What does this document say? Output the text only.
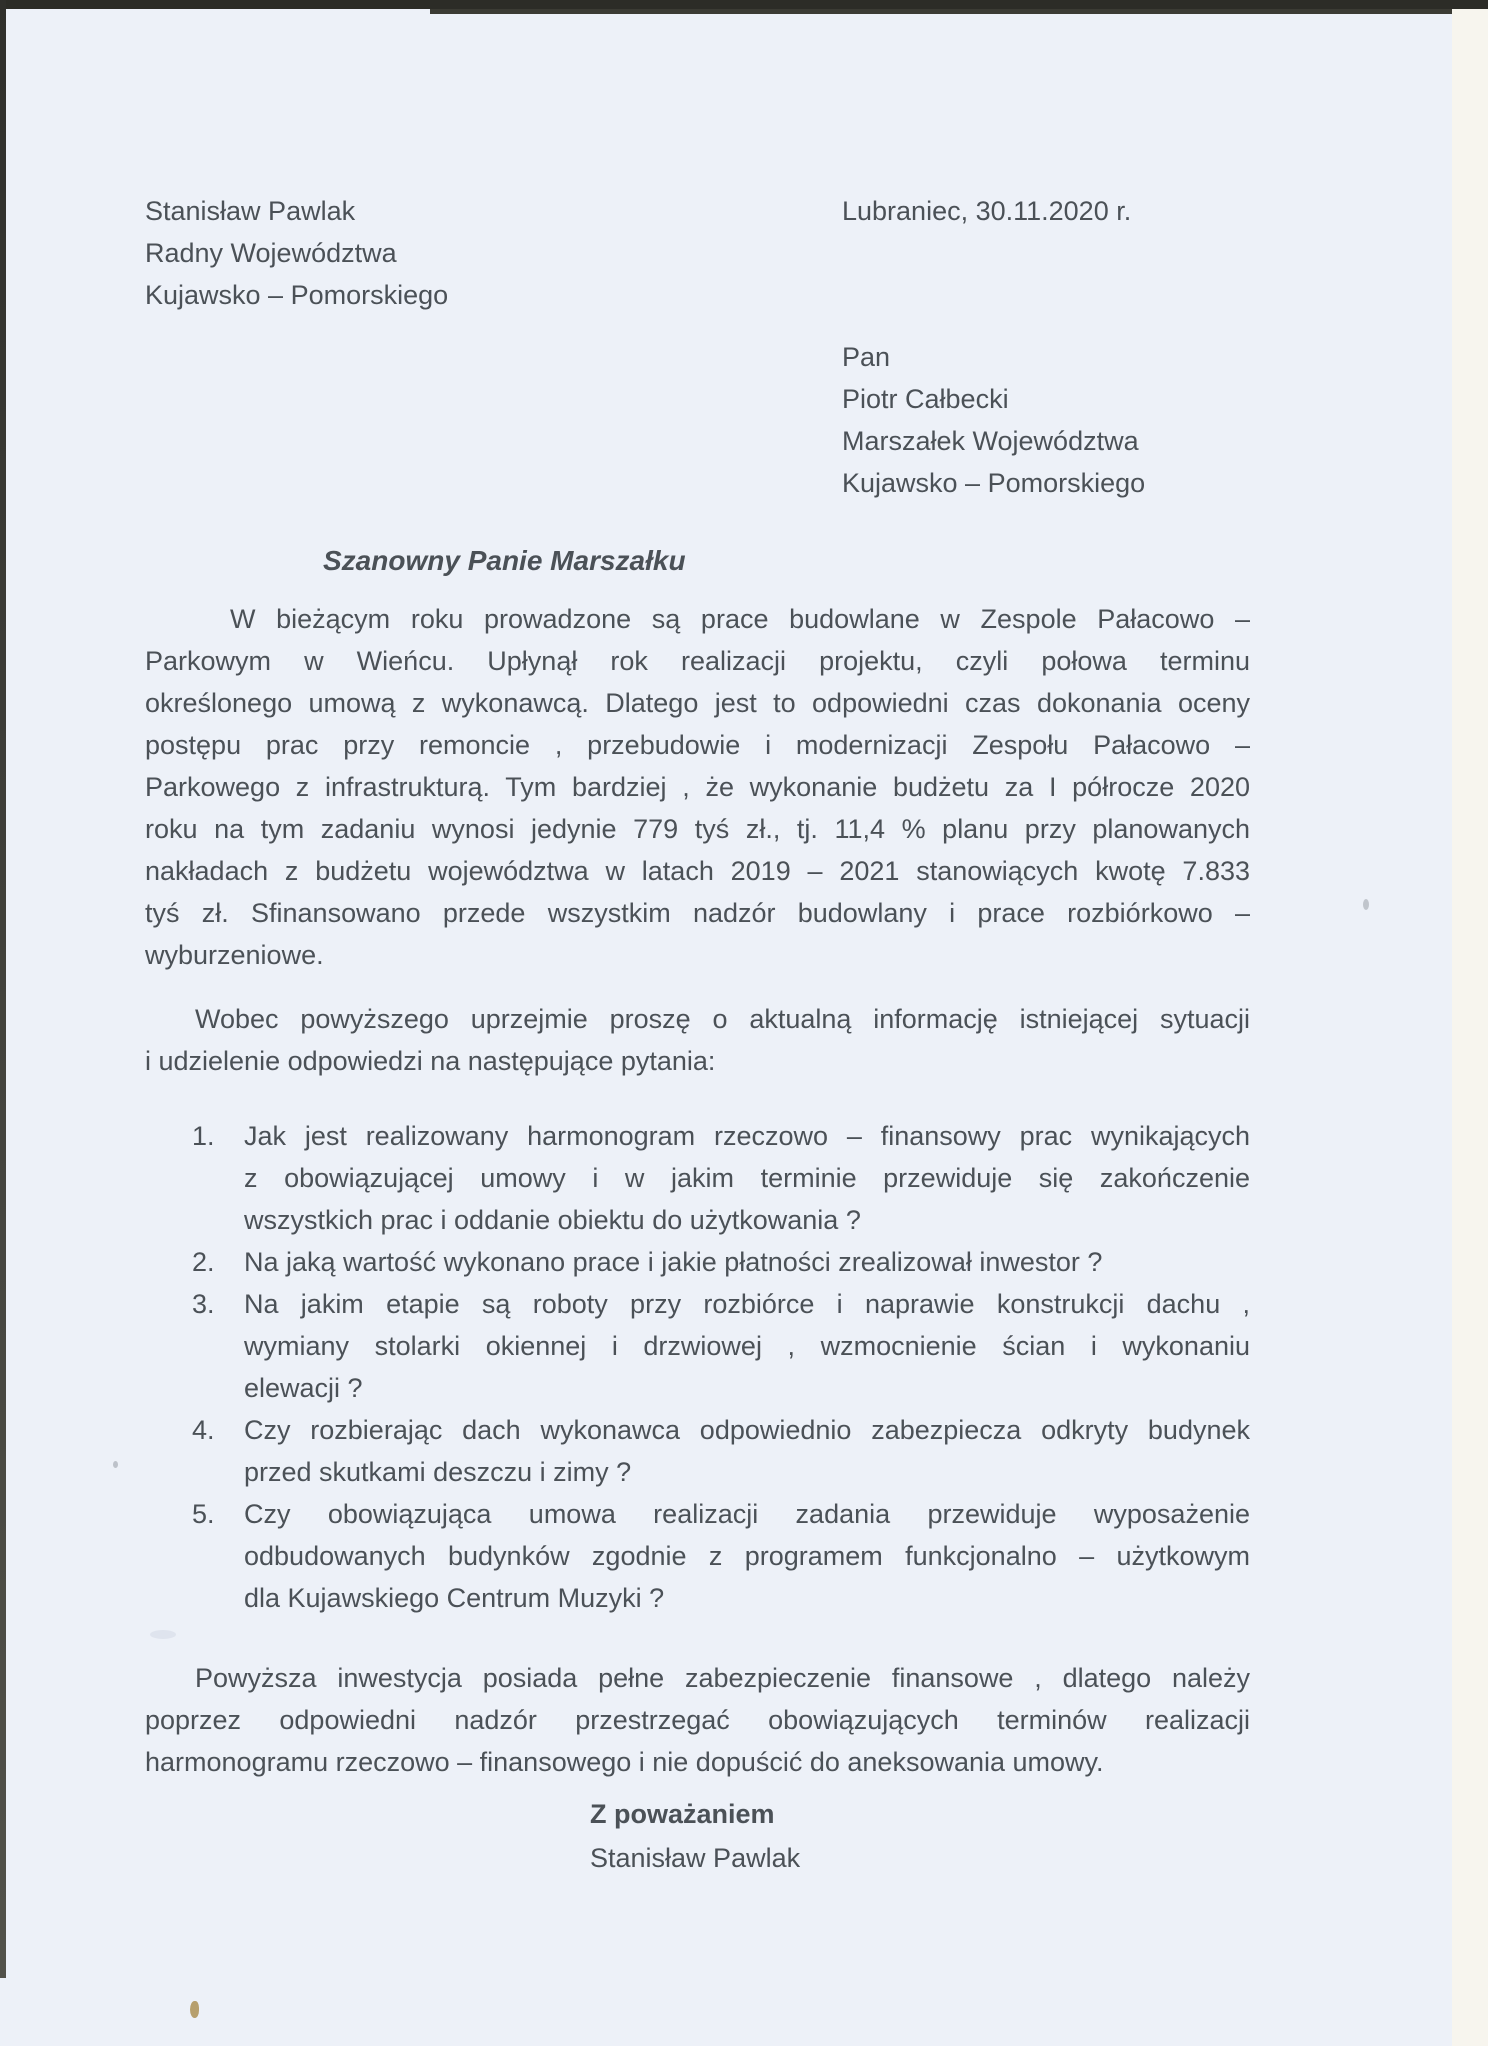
Stanisław Pawlak
Radny Województwa
Kujawsko – Pomorskiego
Lubraniec, 30.11.2020 r.
Pan
Piotr Całbecki
Marszałek Województwa
Kujawsko – Pomorskiego
Szanowny Panie Marszałku
W bieżącym roku prowadzone są prace budowlane w Zespole Pałacowo –
Parkowym w Wieńcu. Upłynął rok realizacji projektu, czyli połowa terminu
określonego umową z wykonawcą. Dlatego jest to odpowiedni czas dokonania oceny
postępu prac przy remoncie , przebudowie i modernizacji Zespołu Pałacowo –
Parkowego z infrastrukturą. Tym bardziej , że wykonanie budżetu za I półrocze 2020
roku na tym zadaniu wynosi jedynie 779 tyś zł., tj. 11,4 % planu przy planowanych
nakładach z budżetu województwa w latach 2019 – 2021 stanowiących kwotę 7.833
tyś zł. Sfinansowano przede wszystkim nadzór budowlany i prace rozbiórkowo –
wyburzeniowe.
Wobec powyższego uprzejmie proszę o aktualną informację istniejącej sytuacji
i udzielenie odpowiedzi na następujące pytania:
1.	Jak jest realizowany harmonogram rzeczowo – finansowy prac wynikających
z obowiązującej umowy i w jakim terminie przewiduje się zakończenie
wszystkich prac i oddanie obiektu do użytkowania ?
2.	Na jaką wartość wykonano prace i jakie płatności zrealizował inwestor ?
3.	Na jakim etapie są roboty przy rozbiórce i naprawie konstrukcji dachu ,
wymiany stolarki okiennej i drzwiowej , wzmocnienie ścian i wykonaniu
elewacji ?
4.	Czy rozbierając dach wykonawca odpowiednio zabezpiecza odkryty budynek
przed skutkami deszczu i zimy ?
5.	Czy obowiązująca umowa realizacji zadania przewiduje wyposażenie
odbudowanych budynków zgodnie z programem funkcjonalno – użytkowym
dla Kujawskiego Centrum Muzyki ?
Powyższa inwestycja posiada pełne zabezpieczenie finansowe , dlatego należy
poprzez odpowiedni nadzór przestrzegać obowiązujących terminów realizacji
harmonogramu rzeczowo – finansowego i nie dopuścić do aneksowania umowy.
Z poważaniem
Stanisław Pawlak
